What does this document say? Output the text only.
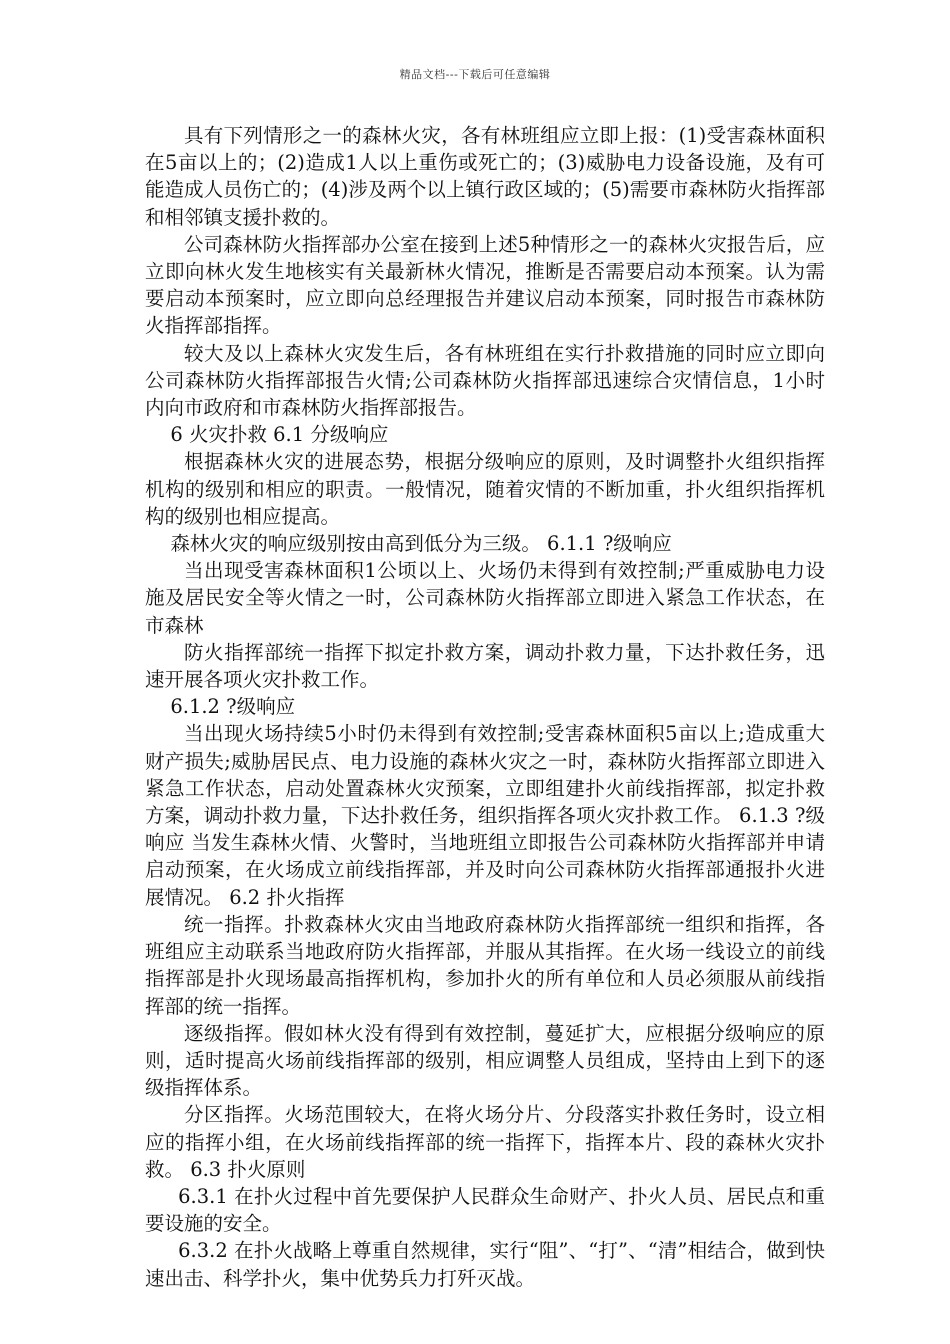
精品文档---下载后可任意编辑

具有下列情形之一的森林火灾，各有林班组应立即上报：(1)受害森林面积在5亩以上的；(2)造成1人以上重伤或死亡的；(3)威胁电力设备设施，及有可能造成人员伤亡的；(4)涉及两个以上镇行政区域的；(5)需要市森林防火指挥部和相邻镇支援扑救的。

公司森林防火指挥部办公室在接到上述5种情形之一的森林火灾报告后，应立即向林火发生地核实有关最新林火情况，推断是否需要启动本预案。认为需要启动本预案时，应立即向总经理报告并建议启动本预案，同时报告市森林防火指挥部指挥。

较大及以上森林火灾发生后，各有林班组在实行扑救措施的同时应立即向公司森林防火指挥部报告火情;公司森林防火指挥部迅速综合灾情信息，1小时内向市政府和市森林防火指挥部报告。

6 火灾扑救 6.1 分级响应

根据森林火灾的进展态势，根据分级响应的原则，及时调整扑火组织指挥机构的级别和相应的职责。一般情况，随着灾情的不断加重，扑火组织指挥机构的级别也相应提高。

森林火灾的响应级别按由高到低分为三级。 6.1.1 ?级响应

当出现受害森林面积1公顷以上、火场仍未得到有效控制;严重威胁电力设施及居民安全等火情之一时，公司森林防火指挥部立即进入紧急工作状态，在市森林

防火指挥部统一指挥下拟定扑救方案，调动扑救力量，下达扑救任务，迅速开展各项火灾扑救工作。

6.1.2 ?级响应

当出现火场持续5小时仍未得到有效控制;受害森林面积5亩以上;造成重大财产损失;威胁居民点、电力设施的森林火灾之一时，森林防火指挥部立即进入紧急工作状态，启动处置森林火灾预案，立即组建扑火前线指挥部，拟定扑救方案，调动扑救力量，下达扑救任务，组织指挥各项火灾扑救工作。 6.1.3 ?级响应 当发生森林火情、火警时，当地班组立即报告公司森林防火指挥部并申请启动预案，在火场成立前线指挥部，并及时向公司森林防火指挥部通报扑火进展情况。 6.2 扑火指挥

统一指挥。扑救森林火灾由当地政府森林防火指挥部统一组织和指挥，各班组应主动联系当地政府防火指挥部，并服从其指挥。在火场一线设立的前线指挥部是扑火现场最高指挥机构，参加扑火的所有单位和人员必须服从前线指挥部的统一指挥。

逐级指挥。假如林火没有得到有效控制，蔓延扩大，应根据分级响应的原则，适时提高火场前线指挥部的级别，相应调整人员组成，坚持由上到下的逐级指挥体系。

分区指挥。火场范围较大，在将火场分片、分段落实扑救任务时，设立相应的指挥小组，在火场前线指挥部的统一指挥下，指挥本片、段的森林火灾扑救。 6.3 扑火原则

6.3.1 在扑火过程中首先要保护人民群众生命财产、扑火人员、居民点和重要设施的安全。

6.3.2 在扑火战略上尊重自然规律，实行“阻”、“打”、“清”相结合，做到快速出击、科学扑火，集中优势兵力打歼灭战。
